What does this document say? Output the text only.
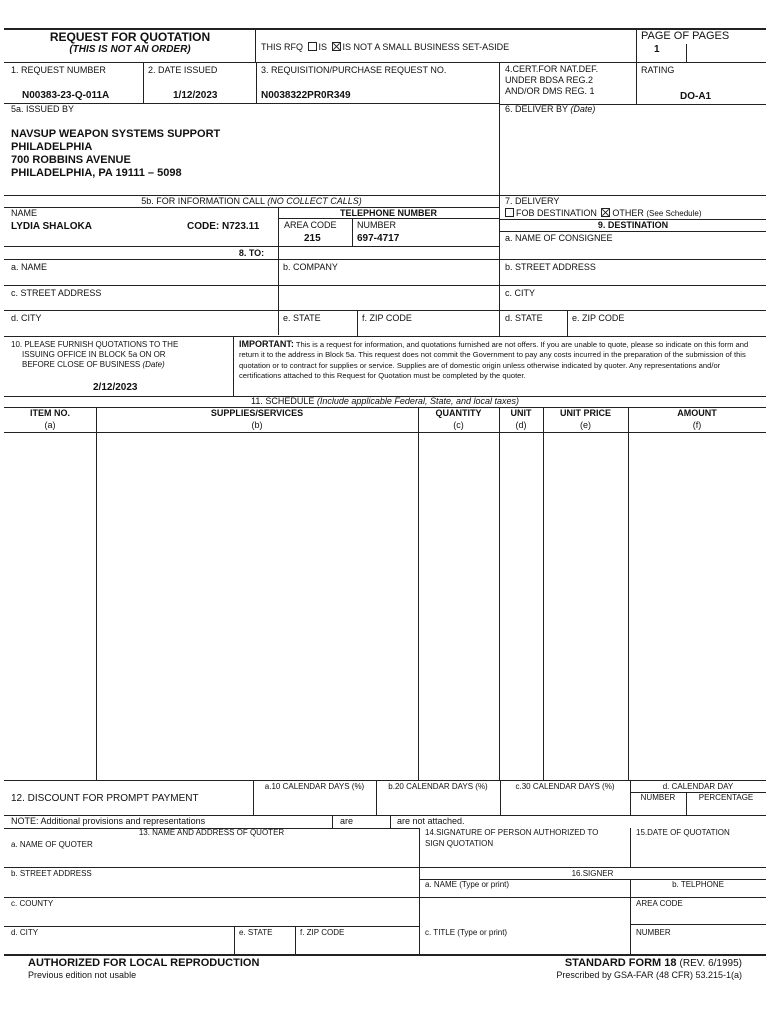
REQUEST FOR QUOTATION
(THIS IS NOT AN ORDER)	THIS RFQ IS IS NOT A SMALL BUSINESS SET-ASIDE
PAGE OF PAGES
1
1. REQUEST NUMBER
N00383-23-Q-011A
2. DATE ISSUED
1/12/2023
3. REQUISITION/PURCHASE REQUEST NO.
N0038322PR0R349
4.CERT.FOR NAT.DEF.
UNDER BDSA REG.2
AND/OR DMS REG. 1
RATING
DO-A1
5a. ISSUED BY
NAVSUP WEAPON SYSTEMS SUPPORT
PHILADELPHIA
700 ROBBINS AVENUE
PHILADELPHIA, PA 19111 – 5098
6. DELIVER BY (Date)
5b. FOR INFORMATION CALL (NO COLLECT CALLS)
NAME
LYDIA SHALOKA	CODE: N723.11
TELEPHONE NUMBER
AREA CODE
215
NUMBER
697-4717
7. DELIVERY
FOB DESTINATION OTHER (See Schedule)
9. DESTINATION
a. NAME OF CONSIGNEE
b. STREET ADDRESS
c. CITY
d. STATE	e. ZIP CODE
8. TO:
a. NAME	b. COMPANY
c. STREET ADDRESS
d. CITY	e. STATE	f. ZIP CODE
10. PLEASE FURNISH QUOTATIONS TO THE
ISSUING OFFICE IN BLOCK 5a ON OR
BEFORE CLOSE OF BUSINESS (Date)
2/12/2023
IMPORTANT: This is a request for information, and quotations furnished are not offers. If you are unable to quote, please so indicate on this form and return it to the address in Block 5a. This request does not commit the Government to pay any costs incurred in the preparation of the submission of this quotation or to contract for supplies or service. Supplies are of domestic origin unless otherwise indicated by quoter. Any representations and/or certifications attached to this Request for Quotation must be completed by the quoter.
11. SCHEDULE (Include applicable Federal, State, and local taxes)
ITEM NO.
(a)
SUPPLIES/SERVICES
(b)
QUANTITY
(c)
UNIT
(d)
UNIT PRICE
(e)
AMOUNT
(f)
12. DISCOUNT FOR PROMPT PAYMENT
a.10 CALENDAR DAYS (%)	b.20 CALENDAR DAYS (%)	c.30 CALENDAR DAYS (%)	d. CALENDAR DAY
NUMBER	PERCENTAGE
NOTE: Additional provisions and representations	are	are not attached.
13. NAME AND ADDRESS OF QUOTER
a. NAME OF QUOTER
b. STREET ADDRESS
c. COUNTY
d. CITY	e. STATE	f. ZIP CODE
14.SIGNATURE OF PERSON AUTHORIZED TO
SIGN QUOTATION
15.DATE OF QUOTATION
16.SIGNER
a. NAME (Type or print)	b. TELPHONE
AREA CODE
c. TITLE (Type or print)	NUMBER
AUTHORIZED FOR LOCAL REPRODUCTION
Previous edition not usable
STANDARD FORM 18 (REV. 6/1995)
Prescribed by GSA-FAR (48 CFR) 53.215-1(a)
